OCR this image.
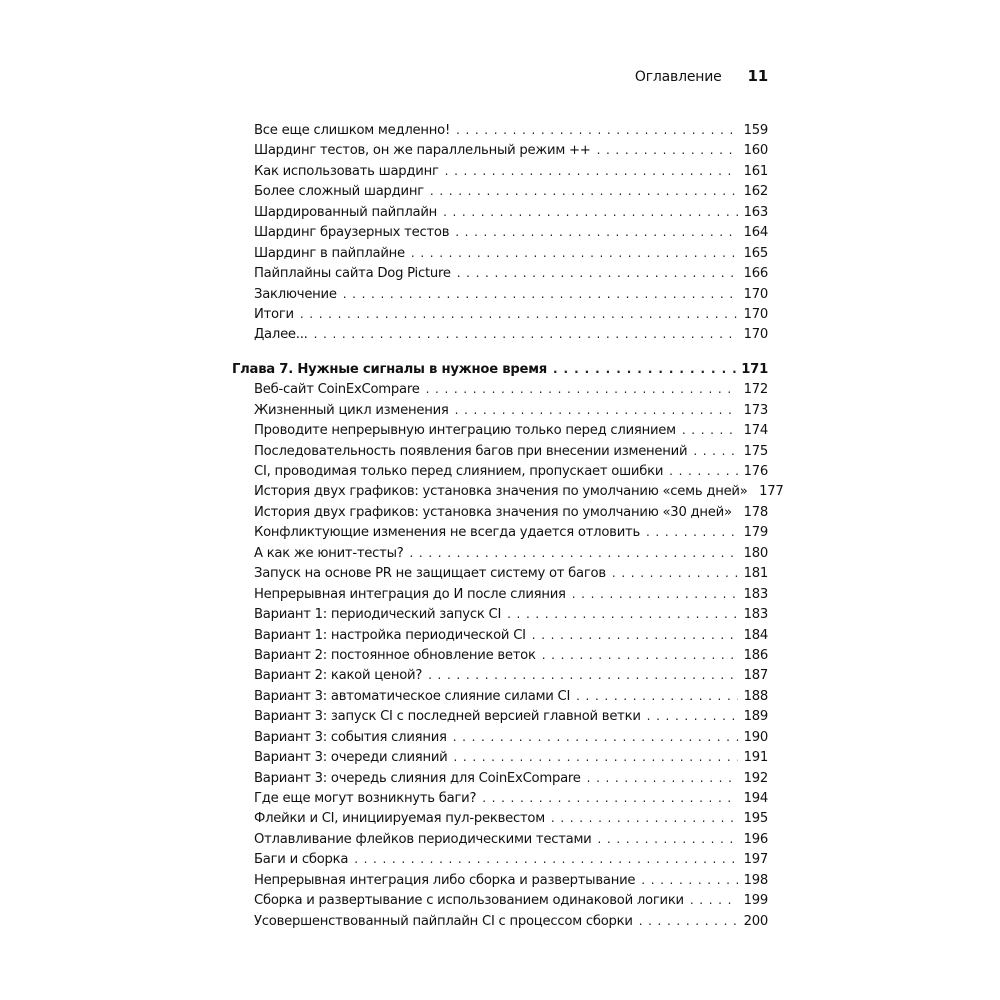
Оглавление 11
Все еще слишком медленно! . . .	159
Шардинг тестов, он же параллельный режим ++ . . .	160
Как использовать шардинг . . .	161
Более сложный шардинг . . .	162
Шардированный пайплайн . . .	163
Шардинг браузерных тестов . . .	164
Шардинг в пайплайне . . .	165
Пайплайны сайта Dog Picture . . .	166
Заключение . . .	170
Итоги . . .	170
Далее... . . .	170
Глава 7. Нужные сигналы в нужное время . . .	171
Веб-сайт CoinExCompare . . .	172
Жизненный цикл изменения . . .	173
Проводите непрерывную интеграцию только перед слиянием . . .	174
Последовательность появления багов при внесении изменений . . .	175
CI, проводимая только перед слиянием, пропускает ошибки . . .	176
История двух графиков: установка значения по умолчанию «семь дней» 177
История двух графиков: установка значения по умолчанию «30 дней» . . . 178
Конфликтующие изменения не всегда удается отловить . . .	179
А как же юнит-тесты? . . .	180
Запуск на основе PR не защищает систему от багов . . .	181
Непрерывная интеграция до И после слияния . . .	183
Вариант 1: периодический запуск CI . . .	183
Вариант 1: настройка периодической CI . . .	184
Вариант 2: постоянное обновление веток . . .	186
Вариант 2: какой ценой? . . .	187
Вариант 3: автоматическое слияние силами CI . . .	188
Вариант 3: запуск CI с последней версией главной ветки . . .	189
Вариант 3: события слияния . . .	190
Вариант 3: очереди слияний . . .	191
Вариант 3: очередь слияния для CoinExCompare . . .	192
Где еще могут возникнуть баги? . . .	194
Флейки и CI, инициируемая пул-реквестом . . .	195
Отлавливание флейков периодическими тестами . . .	196
Баги и сборка . . .	197
Непрерывная интеграция либо сборка и развертывание . . .	198
Сборка и развертывание с использованием одинаковой логики . . .	199
Усовершенствованный пайплайн CI с процессом сборки . . .	200
